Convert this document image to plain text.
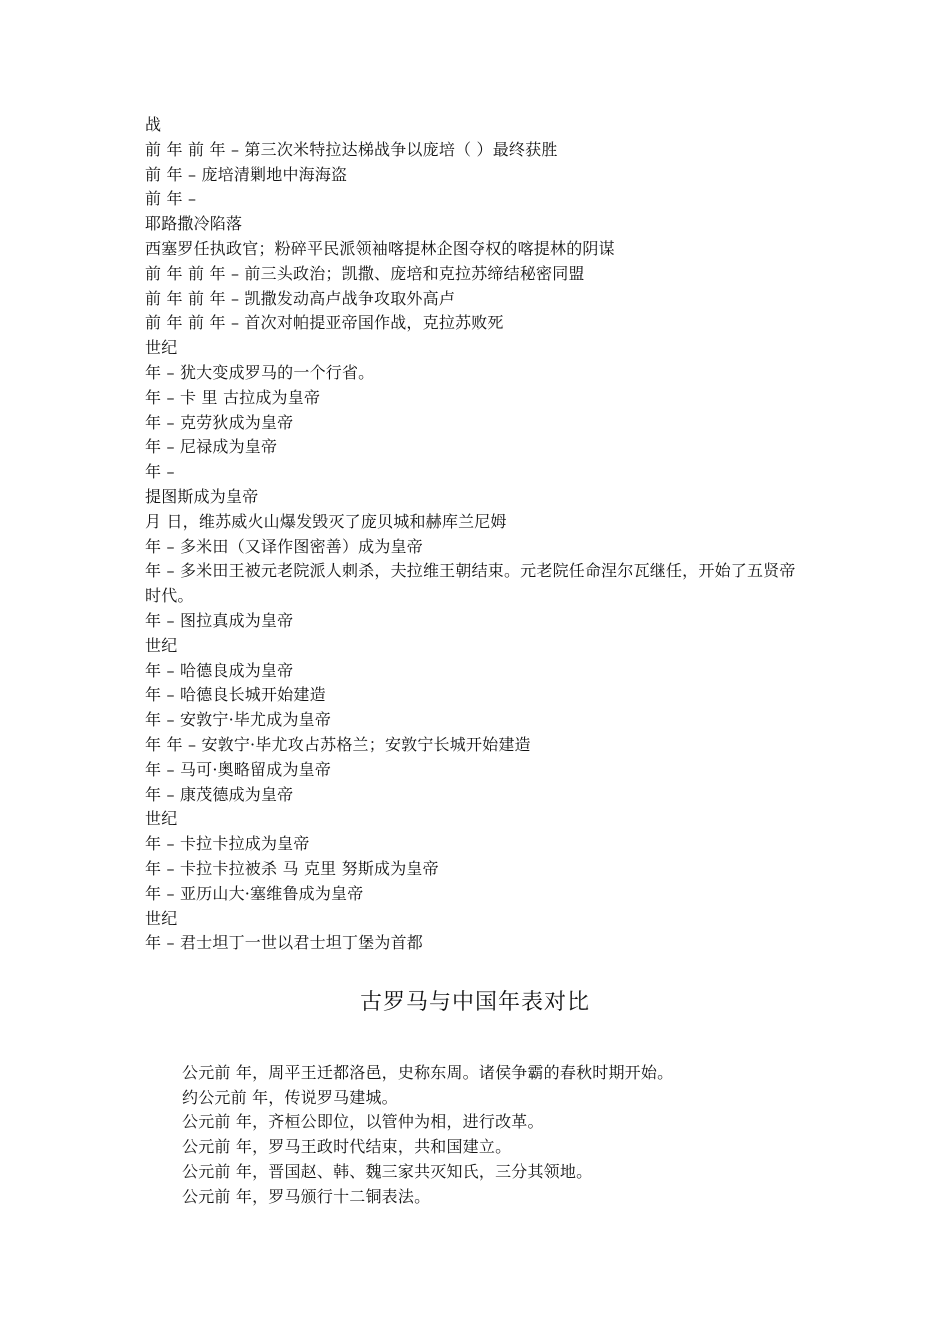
战
前 年 前 年 – 第三次米特拉达梯战争以庞培（ ）最终获胜
前 年 – 庞培清剿地中海海盗
前 年 –
耶路撒冷陷落
西塞罗任执政官；粉碎平民派领袖喀提林企图夺权的喀提林的阴谋
前 年 前 年 – 前三头政治；凯撒、庞培和克拉苏缔结秘密同盟
前 年 前 年 – 凯撒发动高卢战争攻取外高卢
前 年 前 年 – 首次对帕提亚帝国作战，克拉苏败死
世纪
年 – 犹大变成罗马的一个行省。
年 – 卡 里 古拉成为皇帝
年 – 克劳狄成为皇帝
年 – 尼禄成为皇帝
年 –
提图斯成为皇帝
月 日，维苏威火山爆发毁灭了庞贝城和赫库兰尼姆
年 – 多米田（又译作图密善）成为皇帝
年 – 多米田王被元老院派人刺杀，夫拉维王朝结束。元老院任命涅尔瓦继任，开始了五贤帝时代。
年 – 图拉真成为皇帝
世纪
年 – 哈德良成为皇帝
年 – 哈德良长城开始建造
年 – 安敦宁·毕尤成为皇帝
年 年 – 安敦宁·毕尤攻占苏格兰；安敦宁长城开始建造
年 – 马可·奥略留成为皇帝
年 – 康茂德成为皇帝
世纪
年 – 卡拉卡拉成为皇帝
年 – 卡拉卡拉被杀 马 克里 努斯成为皇帝
年 – 亚历山大·塞维鲁成为皇帝
世纪
年 – 君士坦丁一世以君士坦丁堡为首都

古罗马与中国年表对比

公元前 年，周平王迁都洛邑，史称东周。诸侯争霸的春秋时期开始。
约公元前 年，传说罗马建城。
公元前 年，齐桓公即位，以管仲为相，进行改革。
公元前 年，罗马王政时代结束，共和国建立。
公元前 年，晋国赵、韩、魏三家共灭知氏，三分其领地。
公元前 年，罗马颁行十二铜表法。
